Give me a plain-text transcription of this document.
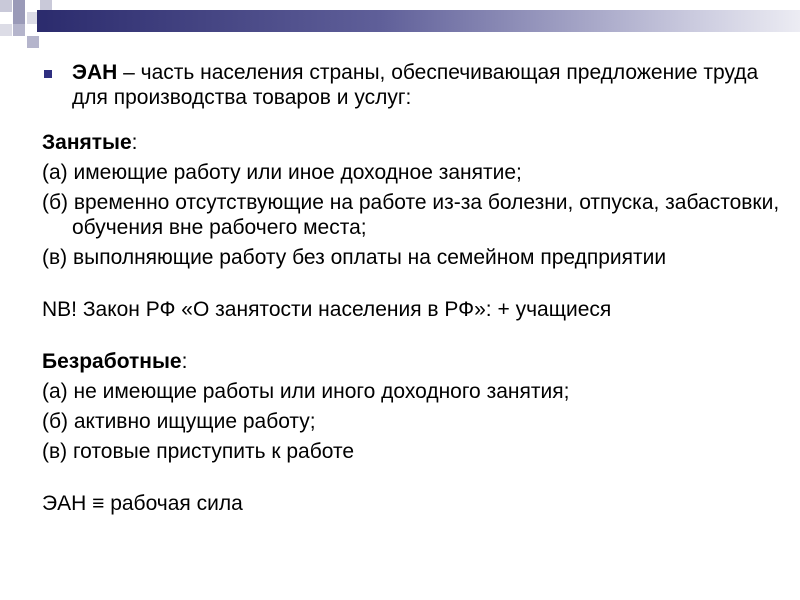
ЭАН – часть населения страны, обеспечивающая предложение труда для производства товаров и услуг:
Занятые:
(а) имеющие работу или иное доходное занятие;
(б) временно отсутствующие на работе из-за болезни, отпуска, забастовки, обучения вне рабочего места;
(в) выполняющие работу без оплаты на семейном предприятии
NB! Закон РФ «О занятости населения в РФ»: + учащиеся
Безработные:
(а) не имеющие работы или иного доходного занятия;
(б) активно ищущие работу;
(в) готовые приступить к работе
ЭАН ≡ рабочая сила
